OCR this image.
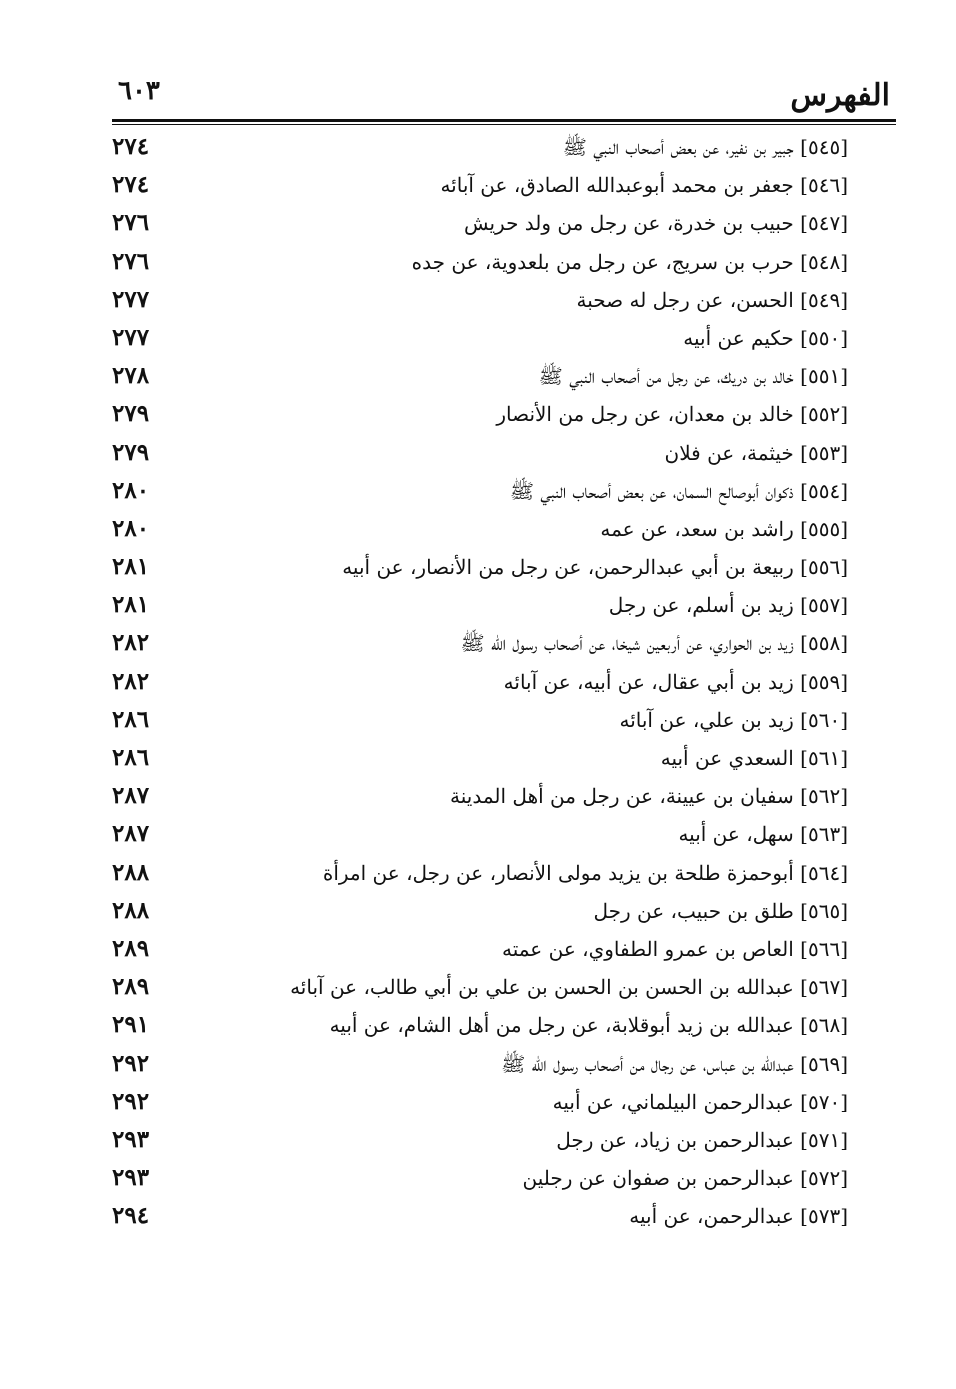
الفهرس
٦٠٣
٢٧٤	[٥٤٥] جبير بن نفير، عن بعض أصحاب النبي ﷺ
٢٧٤	[٥٤٦] جعفر بن محمد أبوعبدالله الصادق، عن آبائه
٢٧٦	[٥٤٧] حبيب بن خدرة، عن رجل من ولد حريش
٢٧٦	[٥٤٨] حرب بن سريج، عن رجل من بلعدوية، عن جده
٢٧٧	[٥٤٩] الحسن، عن رجل له صحبة
٢٧٧	[٥٥٠] حكيم عن أبيه
٢٧٨	[٥٥١] خالد بن دريك، عن رجل من أصحاب النبي ﷺ
٢٧٩	[٥٥٢] خالد بن معدان، عن رجل من الأنصار
٢٧٩	[٥٥٣] خيثمة، عن فلان
٢٨٠	[٥٥٤] ذكوان أبوصالح السمان، عن بعض أصحاب النبي ﷺ
٢٨٠	[٥٥٥] راشد بن سعد، عن عمه
٢٨١	[٥٥٦] ربيعة بن أبي عبدالرحمن، عن رجل من الأنصار، عن أبيه
٢٨١	[٥٥٧] زيد بن أسلم، عن رجل
٢٨٢	[٥٥٨] زيد بن الحواري، عن أربعين شيخا، عن أصحاب رسول الله ﷺ
٢٨٢	[٥٥٩] زيد بن أبي عقال، عن أبيه، عن آبائه
٢٨٦	[٥٦٠] زيد بن علي، عن آبائه
٢٨٦	[٥٦١] السعدي عن أبيه
٢٨٧	[٥٦٢] سفيان بن عيينة، عن رجل من أهل المدينة
٢٨٧	[٥٦٣] سهل، عن أبيه
٢٨٨	[٥٦٤] أبوحمزة طلحة بن يزيد مولى الأنصار، عن رجل، عن امرأة
٢٨٨	[٥٦٥] طلق بن حبيب، عن رجل
٢٨٩	[٥٦٦] العاص بن عمرو الطفاوي، عن عمته
٢٨٩	[٥٦٧] عبدالله بن الحسن بن الحسن بن علي بن أبي طالب، عن آبائه
٢٩١	[٥٦٨] عبدالله بن زيد أبوقلابة، عن رجل من أهل الشام، عن أبيه
٢٩٢	[٥٦٩] عبدالله بن عباس، عن رجال من أصحاب رسول الله ﷺ
٢٩٢	[٥٧٠] عبدالرحمن البيلماني، عن أبيه
٢٩٣	[٥٧١] عبدالرحمن بن زياد، عن رجل
٢٩٣	[٥٧٢] عبدالرحمن بن صفوان عن رجلين
٢٩٤	[٥٧٣] عبدالرحمن، عن أبيه
